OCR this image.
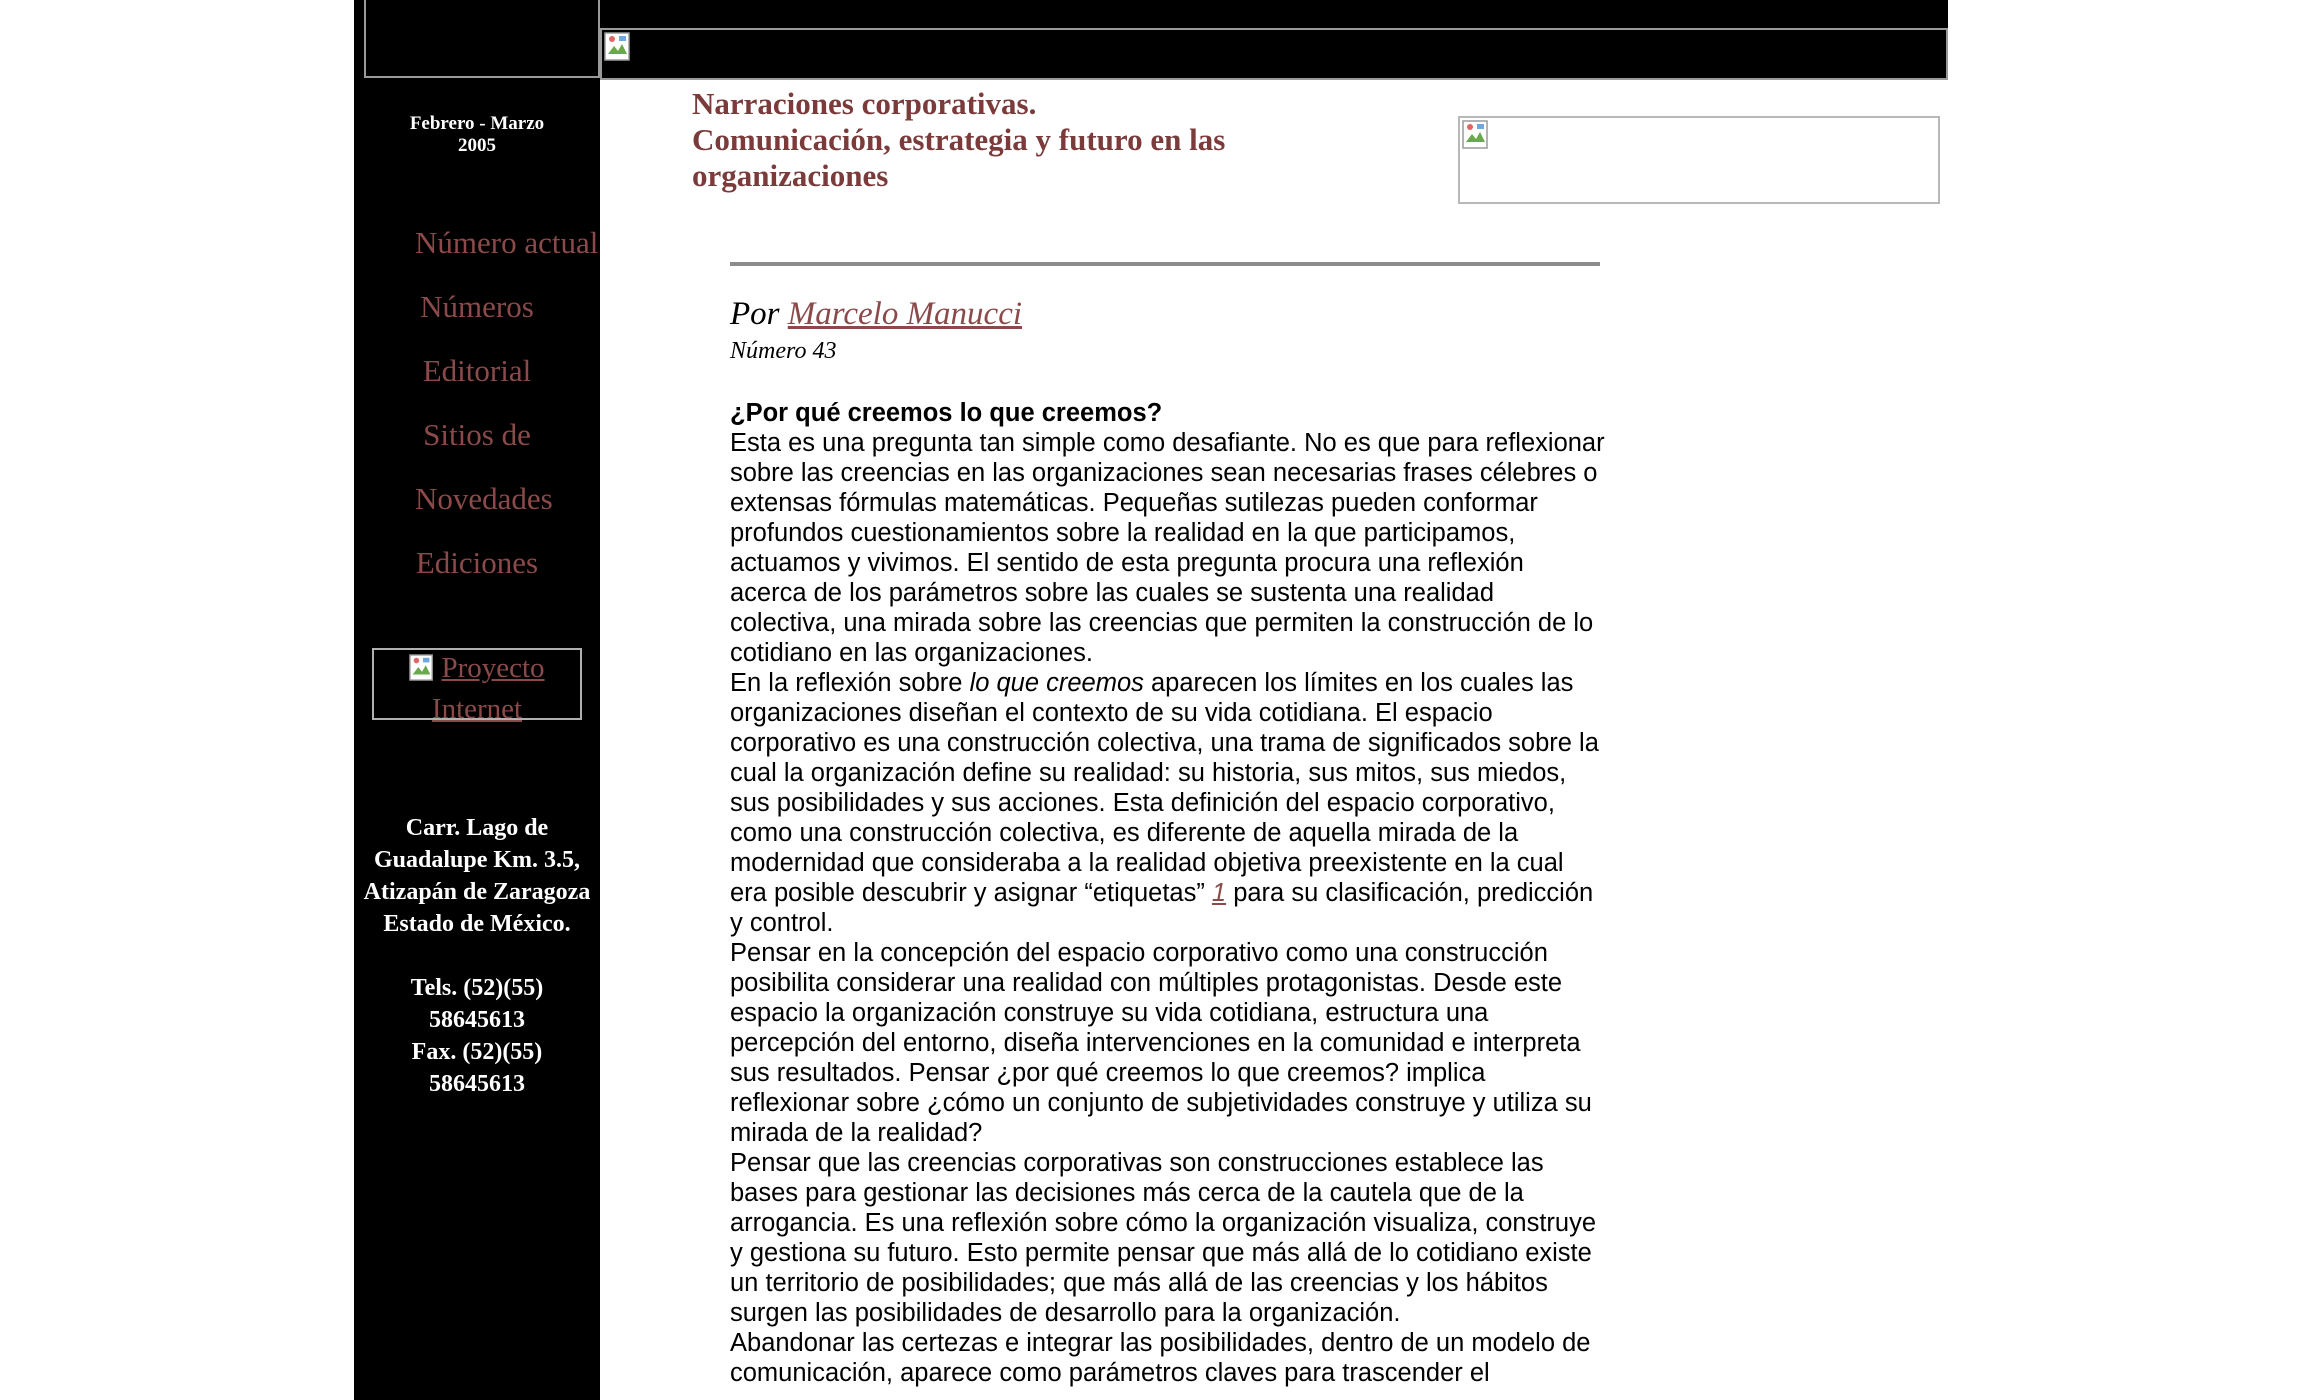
Febrero - Marzo
2005
Número actual
Números
Editorial
Sitios de
Novedades
Ediciones
Proyecto Internet
Carr. Lago de
Guadalupe Km. 3.5,
Atizapán de Zaragoza
Estado de México.
Tels. (52)(55)
58645613
Fax. (52)(55)
58645613
Narraciones corporativas.
Comunicación, estrategia y futuro en las
organizaciones
Por Marcelo Manucci
Número 43

¿Por qué creemos lo que creemos?

Esta es una pregunta tan simple como desafiante. No es que para reflexionar sobre las creencias en las organizaciones sean necesarias frases célebres o extensas fórmulas matemáticas. Pequeñas sutilezas pueden conformar profundos cuestionamientos sobre la realidad en la que participamos, actuamos y vivimos. El sentido de esta pregunta procura una reflexión acerca de los parámetros sobre las cuales se sustenta una realidad colectiva, una mirada sobre las creencias que permiten la construcción de lo cotidiano en las organizaciones.

En la reflexión sobre lo que creemos aparecen los límites en los cuales las organizaciones diseñan el contexto de su vida cotidiana. El espacio corporativo es una construcción colectiva, una trama de significados sobre la cual la organización define su realidad: su historia, sus mitos, sus miedos, sus posibilidades y sus acciones. Esta definición del espacio corporativo, como una construcción colectiva, es diferente de aquella mirada de la modernidad que consideraba a la realidad objetiva preexistente en la cual era posible descubrir y asignar “etiquetas” 1 para su clasificación, predicción y control.

Pensar en la concepción del espacio corporativo como una construcción posibilita considerar una realidad con múltiples protagonistas. Desde este espacio la organización construye su vida cotidiana, estructura una percepción del entorno, diseña intervenciones en la comunidad e interpreta sus resultados. Pensar ¿por qué creemos lo que creemos? implica reflexionar sobre ¿cómo un conjunto de subjetividades construye y utiliza su mirada de la realidad?

Pensar que las creencias corporativas son construcciones establece las bases para gestionar las decisiones más cerca de la cautela que de la arrogancia. Es una reflexión sobre cómo la organización visualiza, construye y gestiona su futuro. Esto permite pensar que más allá de lo cotidiano existe un territorio de posibilidades; que más allá de las creencias y los hábitos surgen las posibilidades de desarrollo para la organización.

Abandonar las certezas e integrar las posibilidades, dentro de un modelo de comunicación, aparece como parámetros claves para trascender el
